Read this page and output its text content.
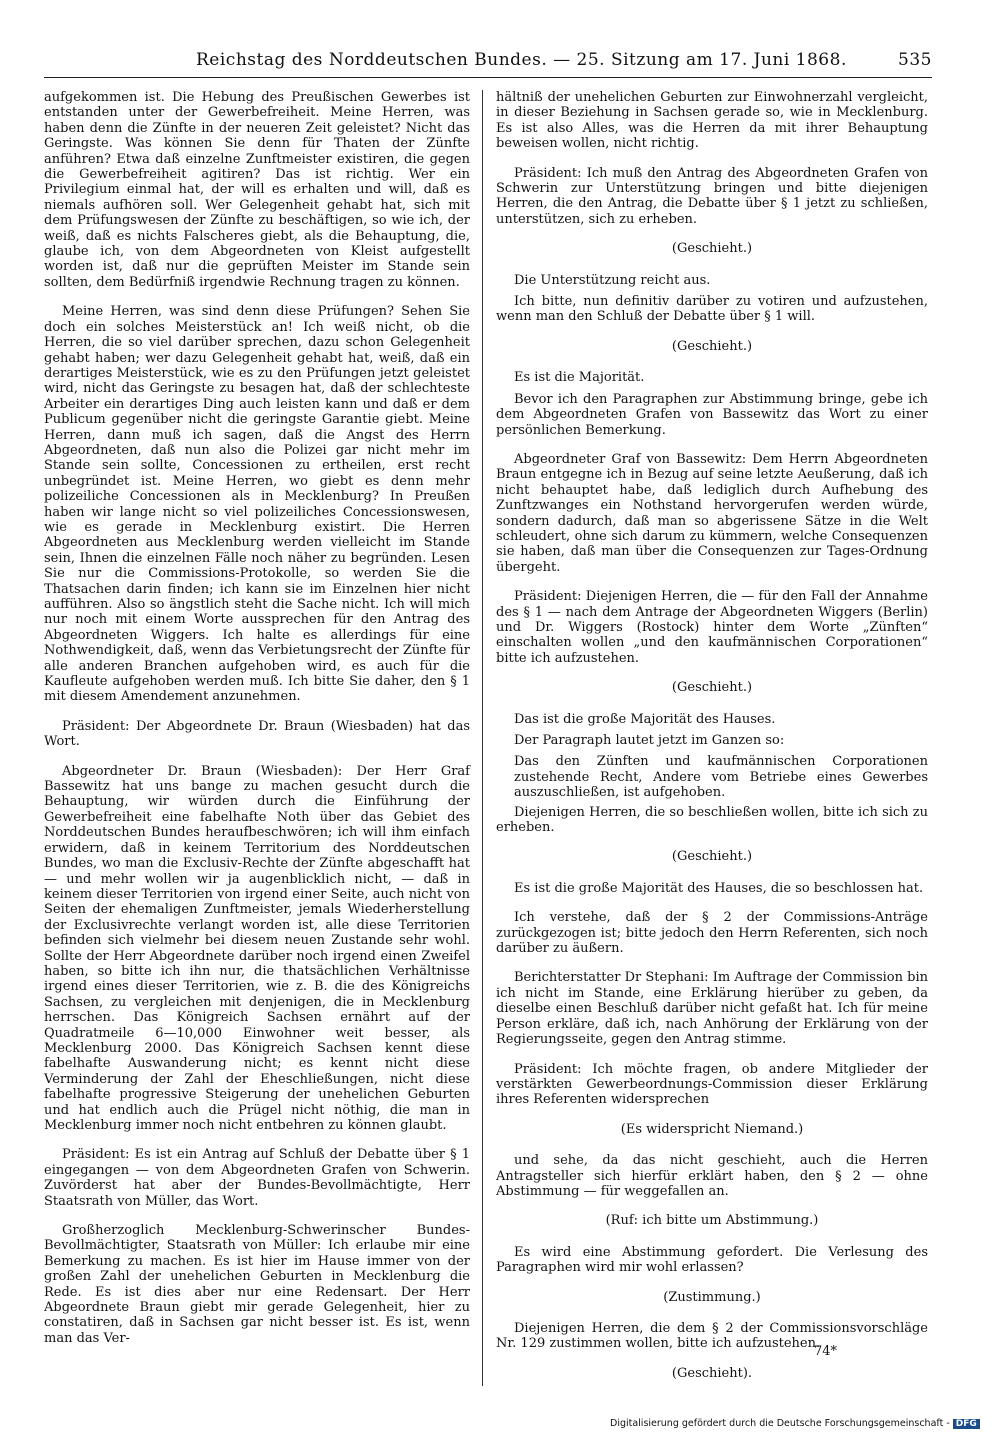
Reichstag des Norddeutschen Bundes. — 25. Sitzung am 17. Juni 1868.	535

aufgekommen ist. Die Hebung des Preußischen Gewerbes ist entstanden unter der Gewerbefreiheit. Meine Herren, was haben denn die Zünfte in der neueren Zeit geleistet? Nicht das Geringste. Was können Sie denn für Thaten der Zünfte anführen? Etwa daß einzelne Zunftmeister existiren, die gegen die Gewerbefreiheit agitiren? Das ist richtig. Wer ein Privilegium einmal hat, der will es erhalten und will, daß es niemals aufhören soll. Wer Gelegenheit gehabt hat, sich mit dem Prüfungswesen der Zünfte zu beschäftigen, so wie ich, der weiß, daß es nichts Falscheres giebt, als die Behauptung, die, glaube ich, von dem Abgeordneten von Kleist aufgestellt worden ist, daß nur die geprüften Meister im Stande sein sollten, dem Bedürfniß irgendwie Rechnung tragen zu können.

Meine Herren, was sind denn diese Prüfungen? Sehen Sie doch ein solches Meisterstück an! Ich weiß nicht, ob die Herren, die so viel darüber sprechen, dazu schon Gelegenheit gehabt haben; wer dazu Gelegenheit gehabt hat, weiß, daß ein derartiges Meisterstück, wie es zu den Prüfungen jetzt geleistet wird, nicht das Geringste zu besagen hat, daß der schlechteste Arbeiter ein derartiges Ding auch leisten kann und daß er dem Publicum gegenüber nicht die geringste Garantie giebt. Meine Herren, dann muß ich sagen, daß die Angst des Herrn Abgeordneten, daß nun also die Polizei gar nicht mehr im Stande sein sollte, Concessionen zu ertheilen, erst recht unbegründet ist. Meine Herren, wo giebt es denn mehr polizeiliche Concessionen als in Mecklenburg? In Preußen haben wir lange nicht so viel polizeiliches Concessionswesen, wie es gerade in Mecklenburg existirt. Die Herren Abgeordneten aus Mecklenburg werden vielleicht im Stande sein, Ihnen die einzelnen Fälle noch näher zu begründen. Lesen Sie nur die Commissions-Protokolle, so werden Sie die Thatsachen darin finden; ich kann sie im Einzelnen hier nicht aufführen. Also so ängstlich steht die Sache nicht. Ich will mich nur noch mit einem Worte aussprechen für den Antrag des Abgeordneten Wiggers. Ich halte es allerdings für eine Nothwendigkeit, daß, wenn das Verbietungsrecht der Zünfte für alle anderen Branchen aufgehoben wird, es auch für die Kaufleute aufgehoben werden muß. Ich bitte Sie daher, den § 1 mit diesem Amendement anzunehmen.

Präsident: Der Abgeordnete Dr. Braun (Wiesbaden) hat das Wort.

Abgeordneter Dr. Braun (Wiesbaden): Der Herr Graf Bassewitz hat uns bange zu machen gesucht durch die Behauptung, wir würden durch die Einführung der Gewerbefreiheit eine fabelhafte Noth über das Gebiet des Norddeutschen Bundes heraufbeschwören; ich will ihm einfach erwidern, daß in keinem Territorium des Norddeutschen Bundes, wo man die Exclusiv-Rechte der Zünfte abgeschafft hat — und mehr wollen wir ja augenblicklich nicht, — daß in keinem dieser Territorien von irgend einer Seite, auch nicht von Seiten der ehemaligen Zunftmeister, jemals Wiederherstellung der Exclusivrechte verlangt worden ist, alle diese Territorien befinden sich vielmehr bei diesem neuen Zustande sehr wohl. Sollte der Herr Abgeordnete darüber noch irgend einen Zweifel haben, so bitte ich ihn nur, die thatsächlichen Verhältnisse irgend eines dieser Territorien, wie z. B. die des Königreichs Sachsen, zu vergleichen mit denjenigen, die in Mecklenburg herrschen. Das Königreich Sachsen ernährt auf der Quadratmeile 6—10,000 Einwohner weit besser, als Mecklenburg 2000. Das Königreich Sachsen kennt diese fabelhafte Auswanderung nicht; es kennt nicht diese Verminderung der Zahl der Eheschließungen, nicht diese fabelhafte progressive Steigerung der unehelichen Geburten und hat endlich auch die Prügel nicht nöthig, die man in Mecklenburg immer noch nicht entbehren zu können glaubt.

Präsident: Es ist ein Antrag auf Schluß der Debatte über § 1 eingegangen — von dem Abgeordneten Grafen von Schwerin. Zuvörderst hat aber der Bundes-Bevollmächtigte, Herr Staatsrath von Müller, das Wort.

Großherzoglich Mecklenburg-Schwerinscher Bundes-Bevollmächtigter, Staatsrath von Müller: Ich erlaube mir eine Bemerkung zu machen. Es ist hier im Hause immer von der großen Zahl der unehelichen Geburten in Mecklenburg die Rede. Es ist dies aber nur eine Redensart. Der Herr Abgeordnete Braun giebt mir gerade Gelegenheit, hier zu constatiren, daß in Sachsen gar nicht besser ist. Es ist, wenn man das Ver-

hältniß der unehelichen Geburten zur Einwohnerzahl vergleicht, in dieser Beziehung in Sachsen gerade so, wie in Mecklenburg. Es ist also Alles, was die Herren da mit ihrer Behauptung beweisen wollen, nicht richtig.

Präsident: Ich muß den Antrag des Abgeordneten Grafen von Schwerin zur Unterstützung bringen und bitte diejenigen Herren, die den Antrag, die Debatte über § 1 jetzt zu schließen, unterstützen, sich zu erheben.

(Geschieht.)

Die Unterstützung reicht aus.

Ich bitte, nun definitiv darüber zu votiren und aufzustehen, wenn man den Schluß der Debatte über § 1 will.

(Geschieht.)

Es ist die Majorität.

Bevor ich den Paragraphen zur Abstimmung bringe, gebe ich dem Abgeordneten Grafen von Bassewitz das Wort zu einer persönlichen Bemerkung.

Abgeordneter Graf von Bassewitz: Dem Herrn Abgeordneten Braun entgegne ich in Bezug auf seine letzte Aeußerung, daß ich nicht behauptet habe, daß lediglich durch Aufhebung des Zunftzwanges ein Nothstand hervorgerufen werden würde, sondern dadurch, daß man so abgerissene Sätze in die Welt schleudert, ohne sich darum zu kümmern, welche Consequenzen sie haben, daß man über die Consequenzen zur Tages-Ordnung übergeht.

Präsident: Diejenigen Herren, die — für den Fall der Annahme des § 1 — nach dem Antrage der Abgeordneten Wiggers (Berlin) und Dr. Wiggers (Rostock) hinter dem Worte „Zünften“ einschalten wollen „und den kaufmännischen Corporationen“ bitte ich aufzustehen.

(Geschieht.)

Das ist die große Majorität des Hauses.

Der Paragraph lautet jetzt im Ganzen so:

Das den Zünften und kaufmännischen Corporationen zustehende Recht, Andere vom Betriebe eines Gewerbes auszuschließen, ist aufgehoben.

Diejenigen Herren, die so beschließen wollen, bitte ich sich zu erheben.

(Geschieht.)

Es ist die große Majorität des Hauses, die so beschlossen hat.

Ich verstehe, daß der § 2 der Commissions-Anträge zurückgezogen ist; bitte jedoch den Herrn Referenten, sich noch darüber zu äußern.

Berichterstatter Dr Stephani: Im Auftrage der Commission bin ich nicht im Stande, eine Erklärung hierüber zu geben, da dieselbe einen Beschluß darüber nicht gefaßt hat. Ich für meine Person erkläre, daß ich, nach Anhörung der Erklärung von der Regierungsseite, gegen den Antrag stimme.

Präsident: Ich möchte fragen, ob andere Mitglieder der verstärkten Gewerbeordnungs-Commission dieser Erklärung ihres Referenten widersprechen

(Es widerspricht Niemand.)

und sehe, da das nicht geschieht, auch die Herren Antragsteller sich hierfür erklärt haben, den § 2 — ohne Abstimmung — für weggefallen an.

(Ruf: ich bitte um Abstimmung.)

Es wird eine Abstimmung gefordert. Die Verlesung des Paragraphen wird mir wohl erlassen?

(Zustimmung.)

Diejenigen Herren, die dem § 2 der Commissionsvorschläge Nr. 129 zustimmen wollen, bitte ich aufzustehen.

(Geschieht).

74*
Digitalisierung gefördert durch die Deutsche Forschungsgemeinschaft - DFG
